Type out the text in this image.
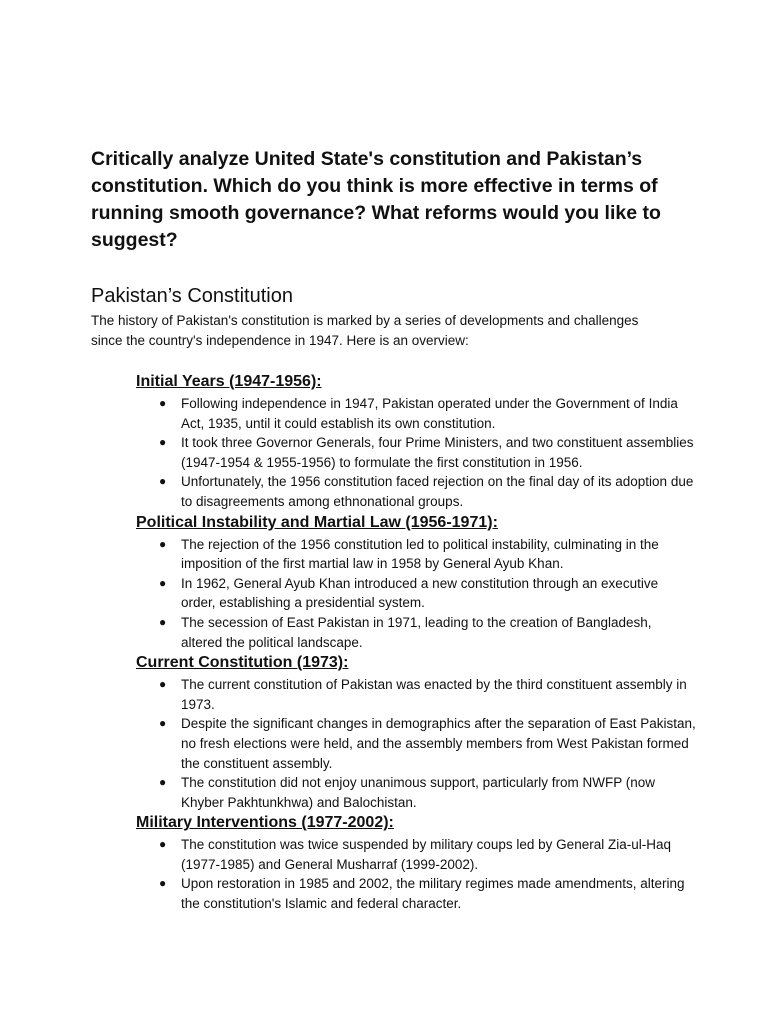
Critically analyze United State's constitution and Pakistan’s constitution. Which do you think is more effective in terms of running smooth governance? What reforms would you like to suggest?
Pakistan’s Constitution

The history of Pakistan's constitution is marked by a series of developments and challenges since the country's independence in 1947. Here is an overview:

Initial Years (1947-1956):
● Following independence in 1947, Pakistan operated under the Government of India Act, 1935, until it could establish its own constitution.
● It took three Governor Generals, four Prime Ministers, and two constituent assemblies (1947-1954 & 1955-1956) to formulate the first constitution in 1956.
● Unfortunately, the 1956 constitution faced rejection on the final day of its adoption due to disagreements among ethnonational groups.
Political Instability and Martial Law (1956-1971):
● The rejection of the 1956 constitution led to political instability, culminating in the imposition of the first martial law in 1958 by General Ayub Khan.
● In 1962, General Ayub Khan introduced a new constitution through an executive order, establishing a presidential system.
● The secession of East Pakistan in 1971, leading to the creation of Bangladesh, altered the political landscape.
Current Constitution (1973):
● The current constitution of Pakistan was enacted by the third constituent assembly in 1973.
● Despite the significant changes in demographics after the separation of East Pakistan, no fresh elections were held, and the assembly members from West Pakistan formed the constituent assembly.
● The constitution did not enjoy unanimous support, particularly from NWFP (now Khyber Pakhtunkhwa) and Balochistan.
Military Interventions (1977-2002):
● The constitution was twice suspended by military coups led by General Zia-ul-Haq (1977-1985) and General Musharraf (1999-2002).
● Upon restoration in 1985 and 2002, the military regimes made amendments, altering the constitution's Islamic and federal character.
